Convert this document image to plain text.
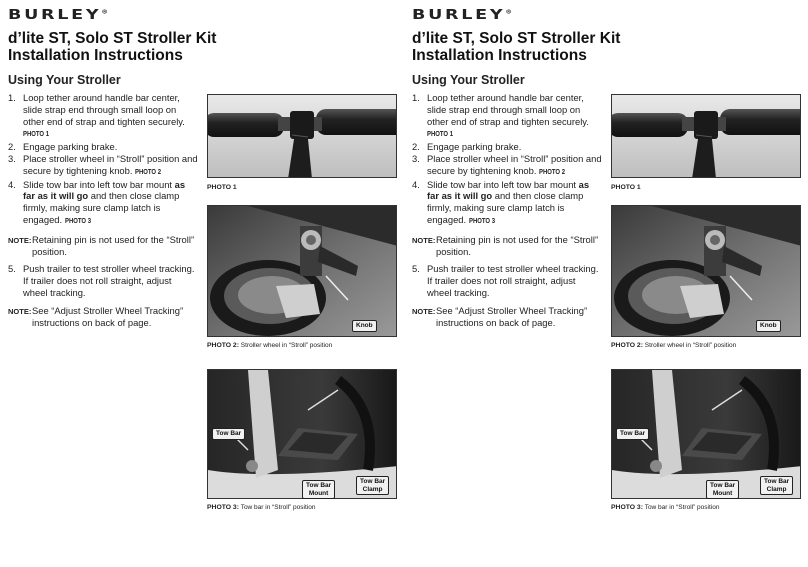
BURLEY®
d’lite ST, Solo ST Stroller Kit
Installation Instructions
Using Your Stroller
1. Loop tether around handle bar center, slide strap end through small loop on other end of strap and tighten securely. PHOTO 1
2. Engage parking brake.
3. Place stroller wheel in “Stroll” position and secure by tightening knob. PHOTO 2
4. Slide tow bar into left tow bar mount as far as it will go and then close clamp firmly, making sure clamp latch is engaged. PHOTO 3
NOTE: Retaining pin is not used for the “Stroll” position.
5. Push trailer to test stroller wheel tracking. If trailer does not roll straight, adjust wheel tracking.
NOTE: See “Adjust Stroller Wheel Tracking” instructions on back of page.
PHOTO 1
Knob
PHOTO 2: Stroller wheel in “Stroll” position
Tow Bar
Tow Bar
Mount
Tow Bar
Clamp
PHOTO 3: Tow bar in “Stroll” position
BURLEY®
d’lite ST, Solo ST Stroller Kit
Installation Instructions
Using Your Stroller
1. Loop tether around handle bar center, slide strap end through small loop on other end of strap and tighten securely. PHOTO 1
2. Engage parking brake.
3. Place stroller wheel in “Stroll” position and secure by tightening knob. PHOTO 2
4. Slide tow bar into left tow bar mount as far as it will go and then close clamp firmly, making sure clamp latch is engaged. PHOTO 3
NOTE: Retaining pin is not used for the “Stroll” position.
5. Push trailer to test stroller wheel tracking. If trailer does not roll straight, adjust wheel tracking.
NOTE: See “Adjust Stroller Wheel Tracking” instructions on back of page.
PHOTO 1
Knob
PHOTO 2: Stroller wheel in “Stroll” position
Tow Bar
Tow Bar
Mount
Tow Bar
Clamp
PHOTO 3: Tow bar in “Stroll” position
